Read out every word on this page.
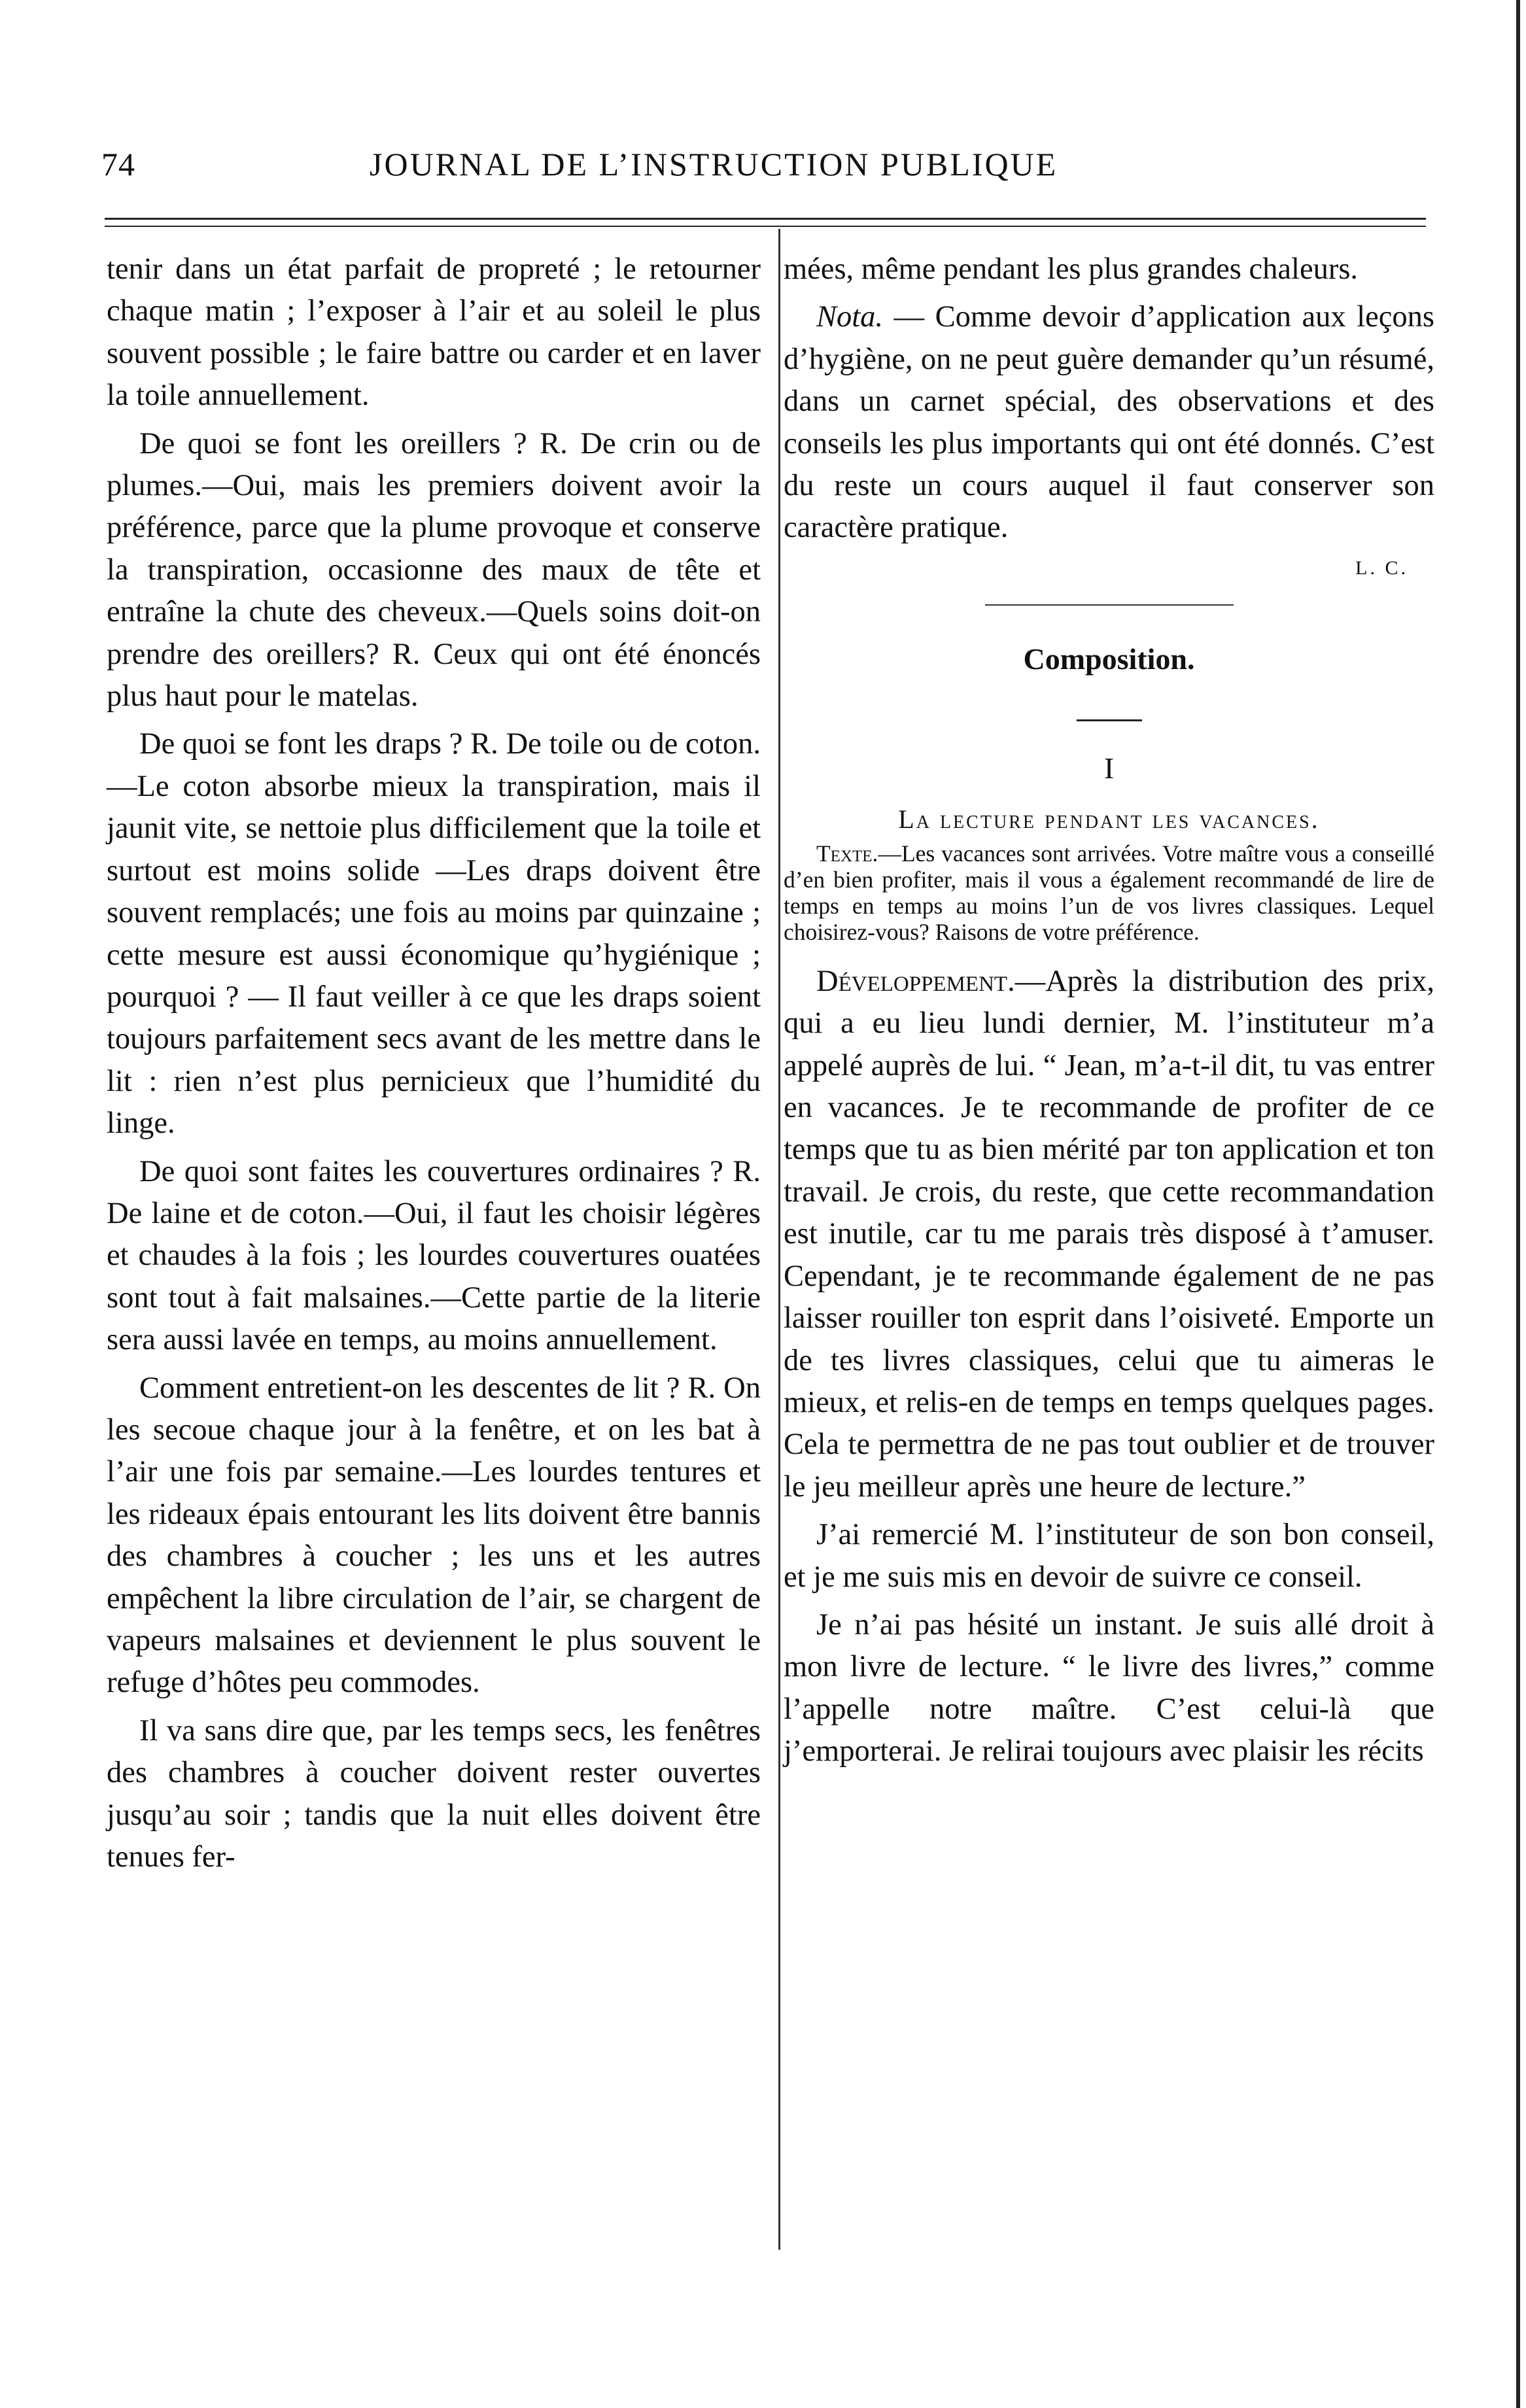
74	JOURNAL DE L’INSTRUCTION PUBLIQUE

tenir dans un état parfait de propreté ; le retourner chaque matin ; l’exposer à l’air et au soleil le plus souvent possible ; le faire battre ou carder et en laver la toile annuellement.

De quoi se font les oreillers ? R. De crin ou de plumes.—Oui, mais les premiers doivent avoir la préférence, parce que la plume provoque et conserve la transpiration, occasionne des maux de tête et entraîne la chute des cheveux.—Quels soins doit-on prendre des oreillers? R. Ceux qui ont été énoncés plus haut pour le matelas.

De quoi se font les draps ? R. De toile ou de coton.—Le coton absorbe mieux la transpiration, mais il jaunit vite, se nettoie plus difficilement que la toile et surtout est moins solide —Les draps doivent être souvent remplacés; une fois au moins par quinzaine ; cette mesure est aussi économique qu’hygiénique ; pourquoi ? — Il faut veiller à ce que les draps soient toujours parfaitement secs avant de les mettre dans le lit : rien n’est plus pernicieux que l’humidité du linge.

De quoi sont faites les couvertures ordinaires ? R. De laine et de coton.—Oui, il faut les choisir légères et chaudes à la fois ; les lourdes couvertures ouatées sont tout à fait malsaines.—Cette partie de la literie sera aussi lavée en temps, au moins annuellement.

Comment entretient-on les descentes de lit ? R. On les secoue chaque jour à la fenêtre, et on les bat à l’air une fois par semaine.—Les lourdes tentures et les rideaux épais entourant les lits doivent être bannis des chambres à coucher ; les uns et les autres empêchent la libre circulation de l’air, se chargent de vapeurs malsaines et deviennent le plus souvent le refuge d’hôtes peu commodes.

Il va sans dire que, par les temps secs, les fenêtres des chambres à coucher doivent rester ouvertes jusqu’au soir ; tandis que la nuit elles doivent être tenues fer-

mées, même pendant les plus grandes chaleurs.

Nota. — Comme devoir d’application aux leçons d’hygiène, on ne peut guère demander qu’un résumé, dans un carnet spécial, des observations et des conseils les plus importants qui ont été donnés. C’est du reste un cours auquel il faut conserver son caractère pratique.

L. C.
Composition.
I
La lecture pendant les vacances.

Texte.—Les vacances sont arrivées. Votre maître vous a conseillé d’en bien profiter, mais il vous a également recommandé de lire de temps en temps au moins l’un de vos livres classiques. Lequel choisirez-vous? Raisons de votre préférence.

Développement.—Après la distribution des prix, qui a eu lieu lundi dernier, M. l’instituteur m’a appelé auprès de lui. “ Jean, m’a-t-il dit, tu vas entrer en vacances. Je te recommande de profiter de ce temps que tu as bien mérité par ton application et ton travail. Je crois, du reste, que cette recommandation est inutile, car tu me parais très disposé à t’amuser. Cependant, je te recommande également de ne pas laisser rouiller ton esprit dans l’oisiveté. Emporte un de tes livres classiques, celui que tu aimeras le mieux, et relis-en de temps en temps quelques pages. Cela te permettra de ne pas tout oublier et de trouver le jeu meilleur après une heure de lecture.”

J’ai remercié M. l’instituteur de son bon conseil, et je me suis mis en devoir de suivre ce conseil.

Je n’ai pas hésité un instant. Je suis allé droit à mon livre de lecture. “ le livre des livres,” comme l’appelle notre maître. C’est celui-là que j’emporterai. Je relirai toujours avec plaisir les récits
